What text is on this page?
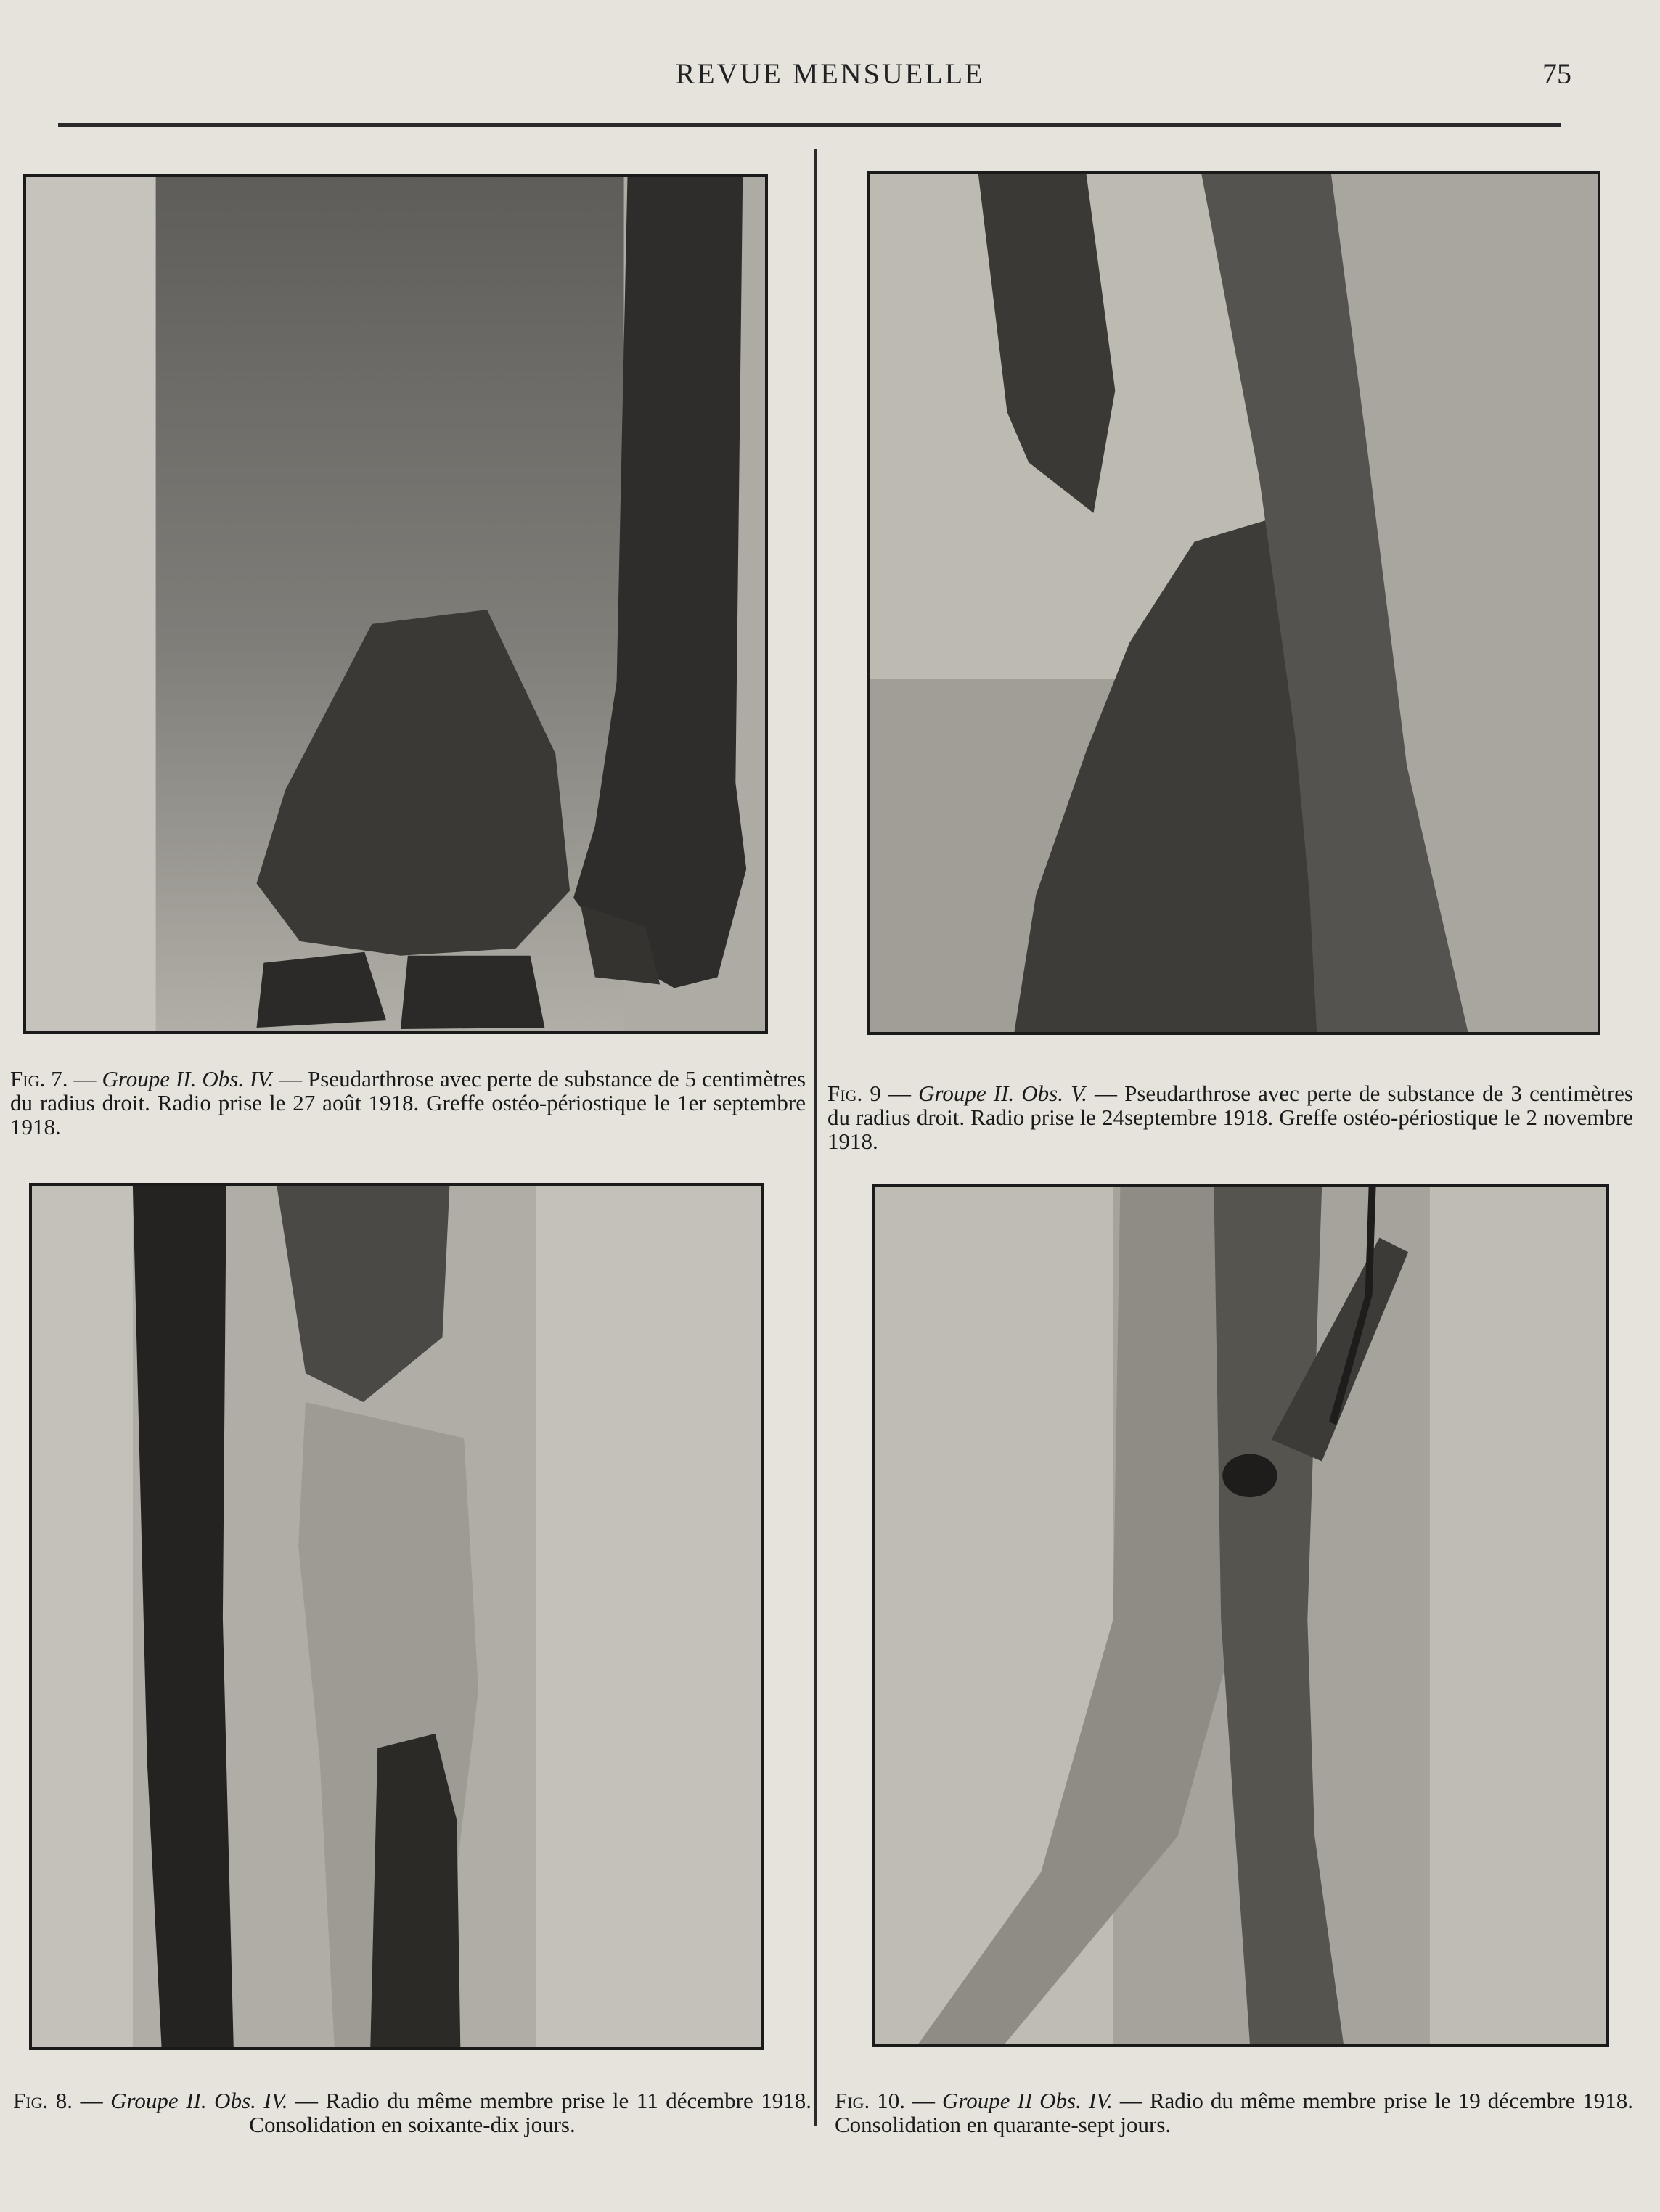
REVUE MENSUELLE	75
Fig. 7. — Groupe II. Obs. IV. — Pseudarthrose avec perte de substance de 5 centimètres du radius droit. Radio prise le 27 août 1918. Greffe ostéo-périostique le 1er septembre 1918.
Fig. 9 — Groupe II. Obs. V. — Pseudarthrose avec perte de substance de 3 centimètres du radius droit. Radio prise le 24septembre 1918. Greffe ostéo-périostique le 2 novembre 1918.
Fig. 8. — Groupe II. Obs. IV. — Radio du même membre prise le 11 décembre 1918. Consolidation en soixante-dix jours.
Fig. 10. — Groupe II Obs. IV. — Radio du même membre prise le 19 décembre 1918. Consolidation en quarante-sept jours.
